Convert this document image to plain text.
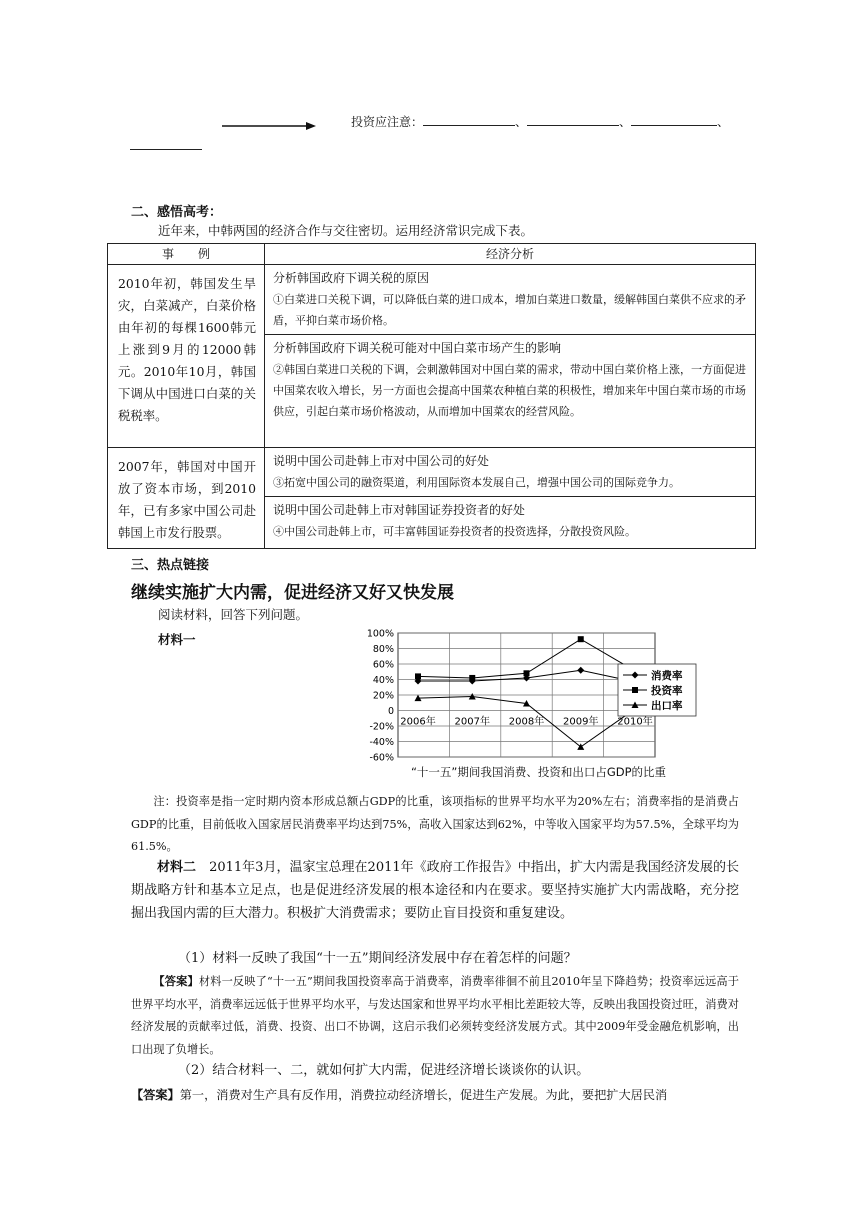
投资应注意：	、	、	、
二、感悟高考：
近年来，中韩两国的经济合作与交往密切。运用经济常识完成下表。
事　　例	经济分析
2010年初，韩国发生旱灾，白菜减产，白菜价格由年初的每棵1600韩元上涨到9月的12000韩元。2010年10月，韩国下调从中国进口白菜的关税税率。	分析韩国政府下调关税的原因
①白菜进口关税下调，可以降低白菜的进口成本，增加白菜进口数量，缓解韩国白菜供不应求的矛盾，平抑白菜市场价格。
分析韩国政府下调关税可能对中国白菜市场产生的影响
②韩国白菜进口关税的下调，会刺激韩国对中国白菜的需求，带动中国白菜价格上涨，一方面促进中国菜农收入增长，另一方面也会提高中国菜农种植白菜的积极性，增加来年中国白菜市场的市场供应，引起白菜市场价格波动，从而增加中国菜农的经营风险。

2007年，韩国对中国开放了资本市场，到2010年，已有多家中国公司赴韩国上市发行股票。	说明中国公司赴韩上市对中国公司的好处
③拓宽中国公司的融资渠道，利用国际资本发展自己，增强中国公司的国际竞争力。
说明中国公司赴韩上市对韩国证券投资者的好处
④中国公司赴韩上市，可丰富韩国证券投资者的投资选择，分散投资风险。
三、热点链接
继续实施扩大内需，促进经济又好又快发展
阅读材料，回答下列问题。
材料一	100%
80%
60%
40%
20%
0
-20%
-40%
-60%
2006年 2007年 2008年 2009年 2010年
消费率
投资率
出口率
“十一五”期间我国消费、投资和出口占GDP的比重
注：投资率是指一定时期内资本形成总额占GDP的比重，该项指标的世界平均水平为20%左右；消费率指的是消费占GDP的比重，目前低收入国家居民消费率平均达到75%，高收入国家达到62%，中等收入国家平均为57.5%，全球平均为61.5%。
材料二　 2011年3月，温家宝总理在2011年《政府工作报告》中指出，扩大内需是我国经济发展的长期战略方针和基本立足点，也是促进经济发展的根本途径和内在要求。要坚持实施扩大内需战略，充分挖掘出我国内需的巨大潜力。积极扩大消费需求；要防止盲目投资和重复建设。
（1）材料一反映了我国“十一五”期间经济发展中存在着怎样的问题？
【答案】材料一反映了“十一五”期间我国投资率高于消费率，消费率徘徊不前且2010年呈下降趋势；投资率远远高于世界平均水平，消费率远远低于世界平均水平，与发达国家和世界平均水平相比差距较大等，反映出我国投资过旺，消费对经济发展的贡献率过低，消费、投资、出口不协调，这启示我们必须转变经济发展方式。其中2009年受金融危机影响，出口出现了负增长。
（2）结合材料一、二，就如何扩大内需，促进经济增长谈谈你的认识。
【答案】第一，消费对生产具有反作用，消费拉动经济增长，促进生产发展。为此，要把扩大居民消
